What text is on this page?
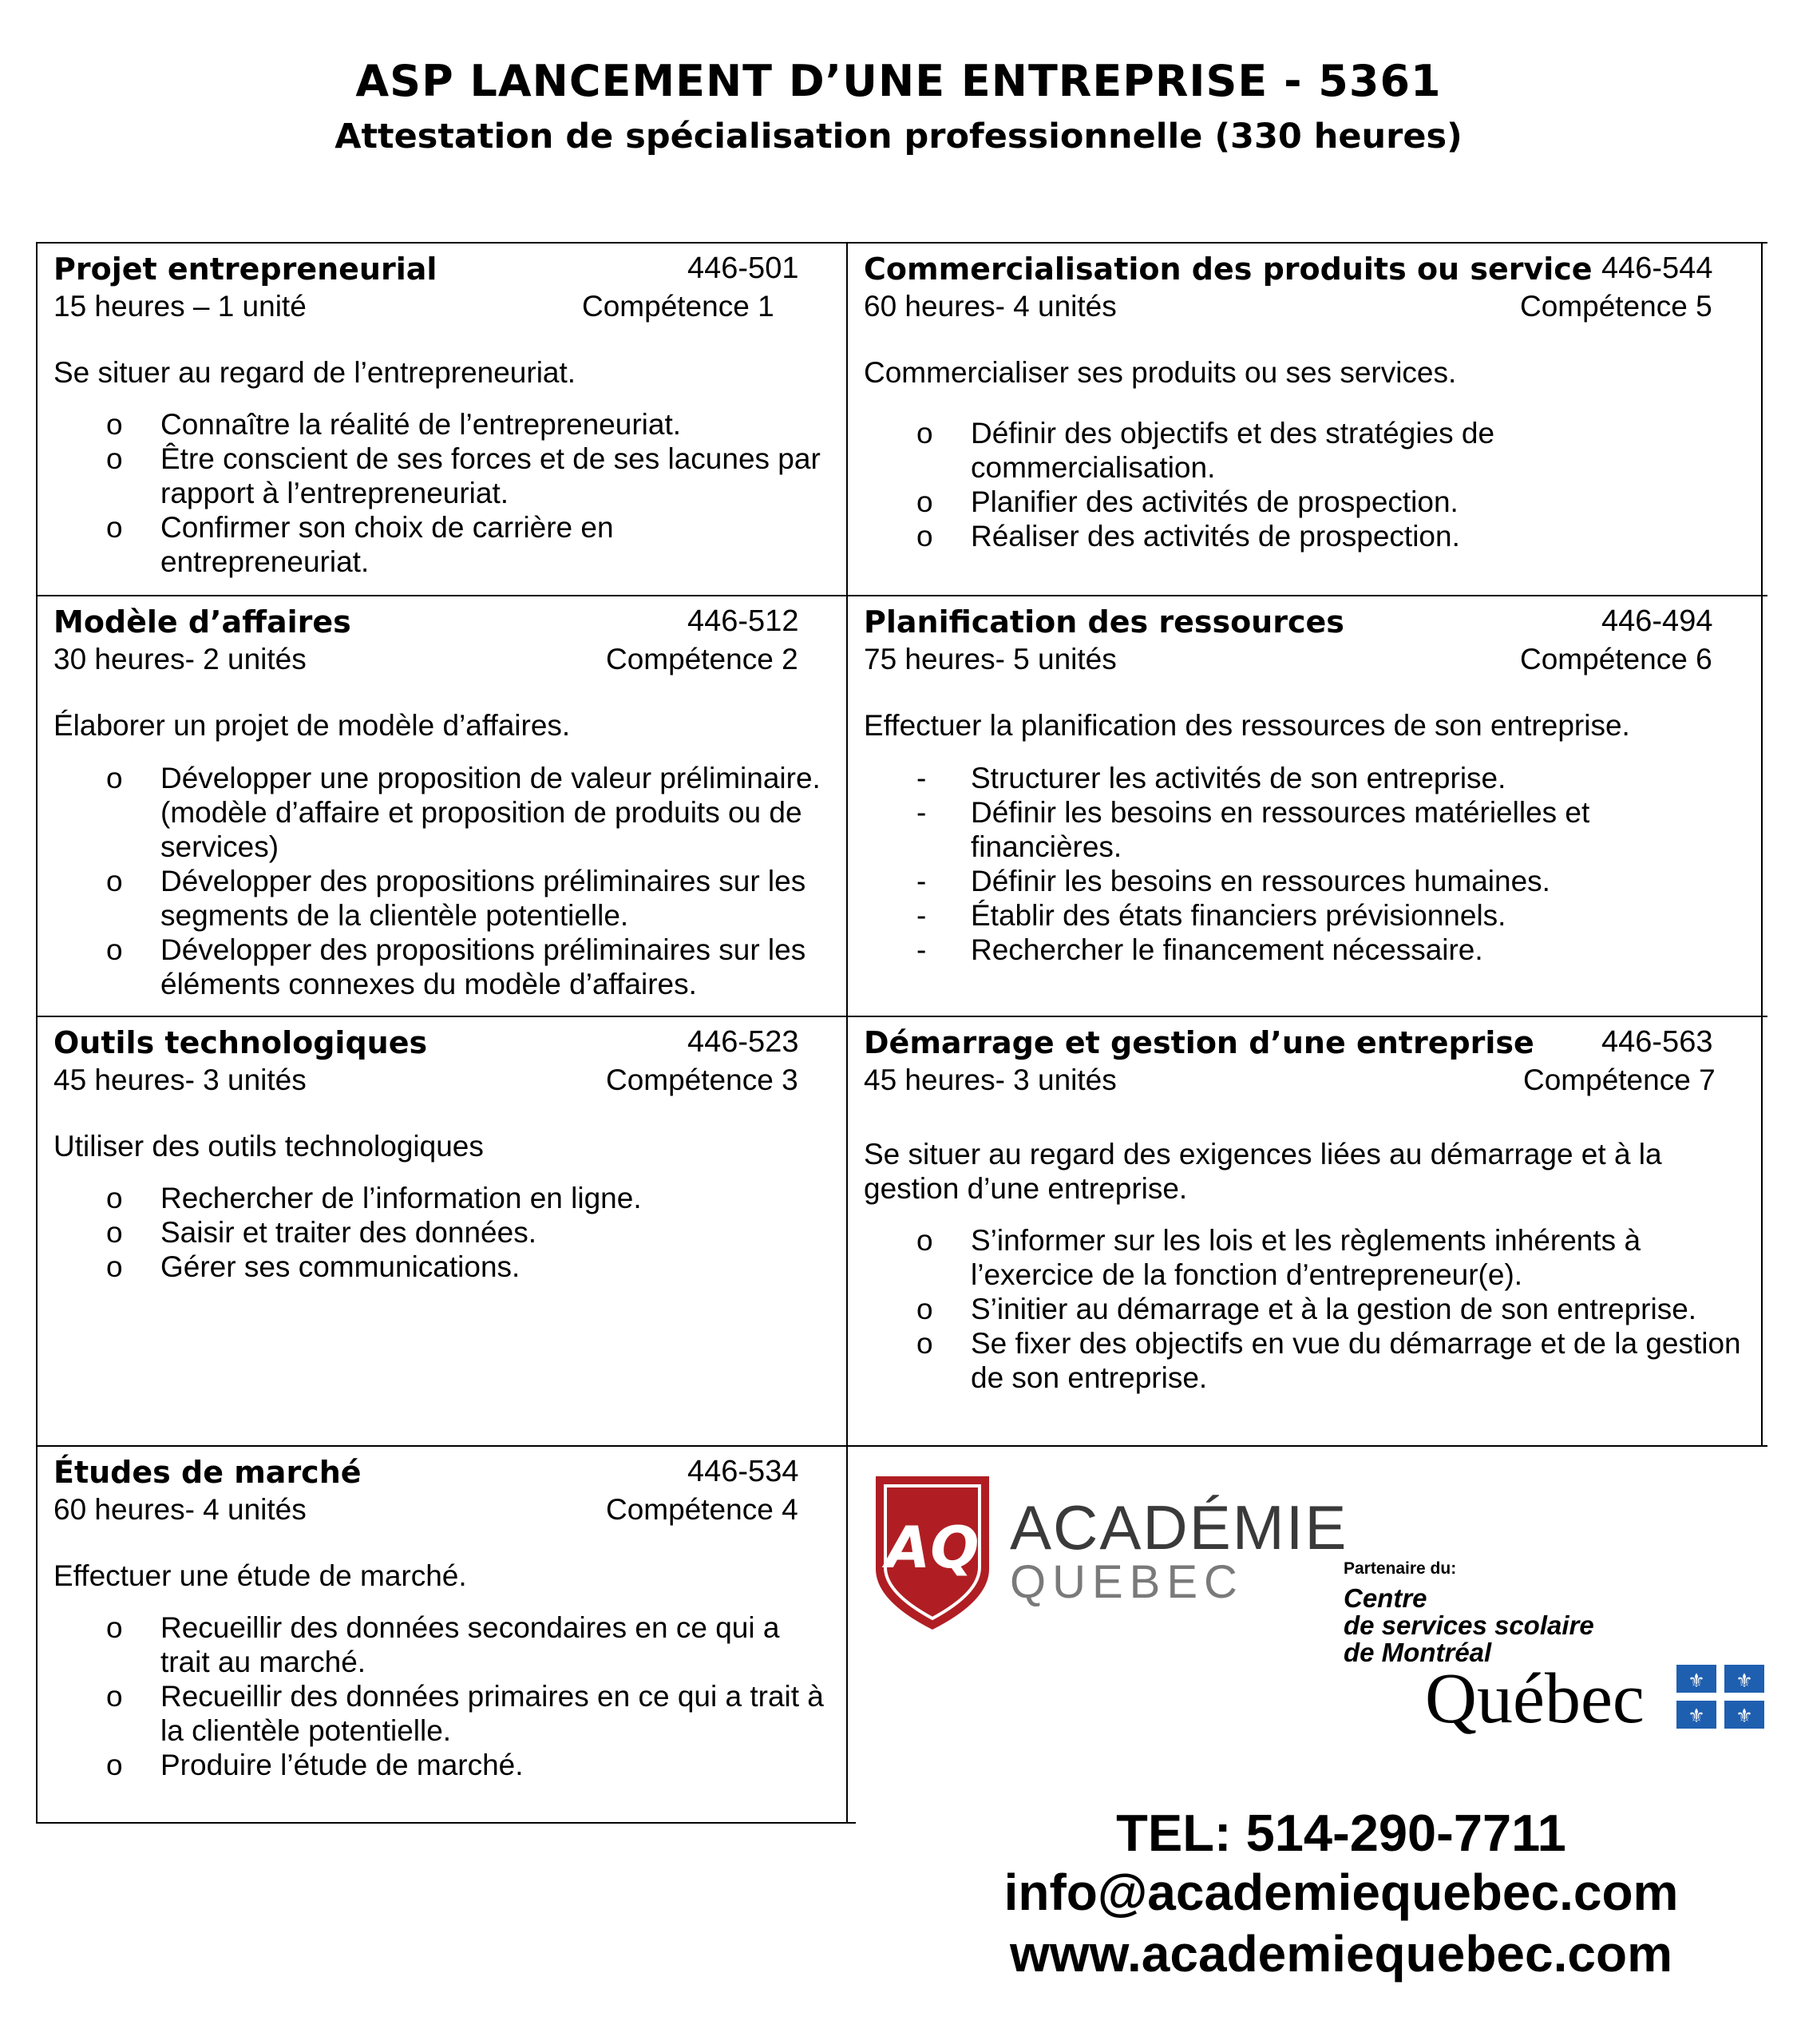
ASP LANCEMENT D’UNE ENTREPRISE - 5361
Attestation de spécialisation professionnelle (330 heures)
Projet entrepreneurial	446-501
15 heures – 1 unité	Compétence 1
Se situer au regard de l’entrepreneuriat.
o Connaître la réalité de l’entrepreneuriat.
o Être conscient de ses forces et de ses lacunes par rapport à l’entrepreneuriat.
o Confirmer son choix de carrière en entrepreneuriat.
Modèle d’affaires	446-512
30 heures- 2 unités	Compétence 2
Élaborer un projet de modèle d’affaires.
o Développer une proposition de valeur préliminaire. (modèle d’affaire et proposition de produits ou de services)
o Développer des propositions préliminaires sur les segments de la clientèle potentielle.
o Développer des propositions préliminaires sur les éléments connexes du modèle d’affaires.
Outils technologiques	446-523
45 heures- 3 unités	Compétence 3
Utiliser des outils technologiques
o Rechercher de l’information en ligne.
o Saisir et traiter des données.
o Gérer ses communications.
Études de marché	446-534
60 heures- 4 unités	Compétence 4
Effectuer une étude de marché.
o Recueillir des données secondaires en ce qui a trait au marché.
o Recueillir des données primaires en ce qui a trait à la clientèle potentielle.
o Produire l’étude de marché.
Commercialisation des produits ou service 446-544
60 heures- 4 unités	Compétence 5
Commercialiser ses produits ou ses services.
o Définir des objectifs et des stratégies de commercialisation.
o Planifier des activités de prospection.
o Réaliser des activités de prospection.
Planification des ressources	446-494
75 heures- 5 unités	Compétence 6
Effectuer la planification des ressources de son entreprise.
- Structurer les activités de son entreprise.
- Définir les besoins en ressources matérielles et financières.
- Définir les besoins en ressources humaines.
- Établir des états financiers prévisionnels.
- Rechercher le financement nécessaire.
Démarrage et gestion d’une entreprise 446-563
45 heures- 3 unités	Compétence 7
Se situer au regard des exigences liées au démarrage et à la gestion d’une entreprise.
o S’informer sur les lois et les règlements inhérents à l’exercice de la fonction d’entrepreneur(e).
o S’initier au démarrage et à la gestion de son entreprise.
o Se fixer des objectifs en vue du démarrage et de la gestion de son entreprise.
AQ ACADÉMIE
QUEBEC	Partenaire du:
Centre
de services scolaire
de Montréal
Québec ⚜ ⚜
⚜ ⚜
TEL: 514-290-7711
info@academiequebec.com
www.academiequebec.com
